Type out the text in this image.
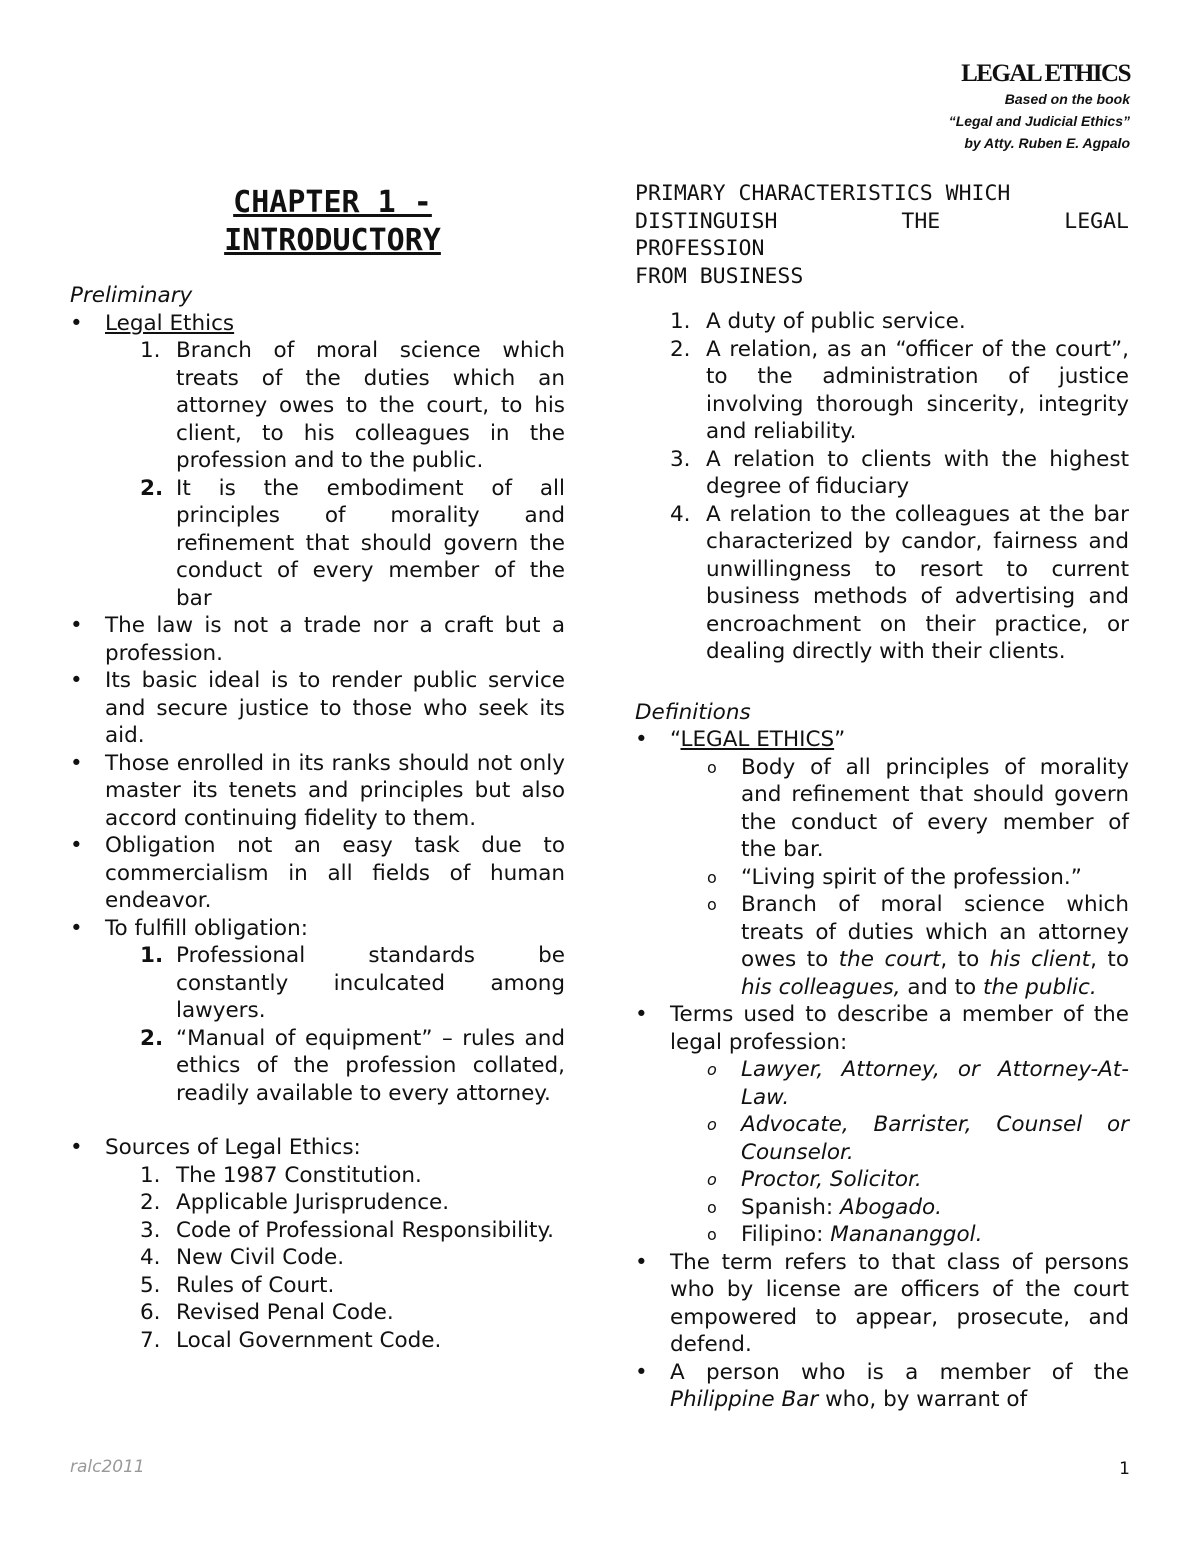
LEGAL ETHICS
Based on the book
“Legal and Judicial Ethics”
by Atty. Ruben E. Agpalo
CHAPTER 1 -
INTRODUCTORY
Preliminary
• Legal Ethics
1. Branch of moral science which treats of the duties which an attorney owes to the court, to his client, to his colleagues in the profession and to the public.
2. It is the embodiment of all principles of morality and refinement that should govern the conduct of every member of the bar
• The law is not a trade nor a craft but a profession.
• Its basic ideal is to render public service and secure justice to those who seek its aid.
• Those enrolled in its ranks should not only master its tenets and principles but also accord continuing fidelity to them.
• Obligation not an easy task due to commercialism in all fields of human endeavor.
• To fulfill obligation:
1. Professional standards be constantly inculcated among lawyers.
2. “Manual of equipment” – rules and ethics of the profession collated, readily available to every attorney.
• Sources of Legal Ethics:
1. The 1987 Constitution.
2. Applicable Jurisprudence.
3. Code of Professional Responsibility.
4. New Civil Code.
5. Rules of Court.
6. Revised Penal Code.
7. Local Government Code.
PRIMARY CHARACTERISTICS WHICH
DISTINGUISH	THE	LEGAL
PROFESSION
FROM BUSINESS
1. A duty of public service.
2. A relation, as an “officer of the court”, to the administration of justice involving thorough sincerity, integrity and reliability.
3. A relation to clients with the highest degree of fiduciary
4. A relation to the colleagues at the bar characterized by candor, fairness and unwillingness to resort to current business methods of advertising and encroachment on their practice, or dealing directly with their clients.
Definitions
• “LEGAL ETHICS”
o Body of all principles of morality and refinement that should govern the conduct of every member of the bar.
o “Living spirit of the profession.”
o Branch of moral science which treats of duties which an attorney owes to the court, to his client, to his colleagues, and to the public.
• Terms used to describe a member of the legal profession:
o Lawyer, Attorney, or Attorney-At-Law.
o Advocate, Barrister, Counsel or Counselor.
o Proctor, Solicitor.
o Spanish: Abogado.
o Filipino: Manananggol.
• The term refers to that class of persons who by license are officers of the court empowered to appear, prosecute, and defend.
• A person who is a member of the Philippine Bar who, by warrant of
ralc2011	1
